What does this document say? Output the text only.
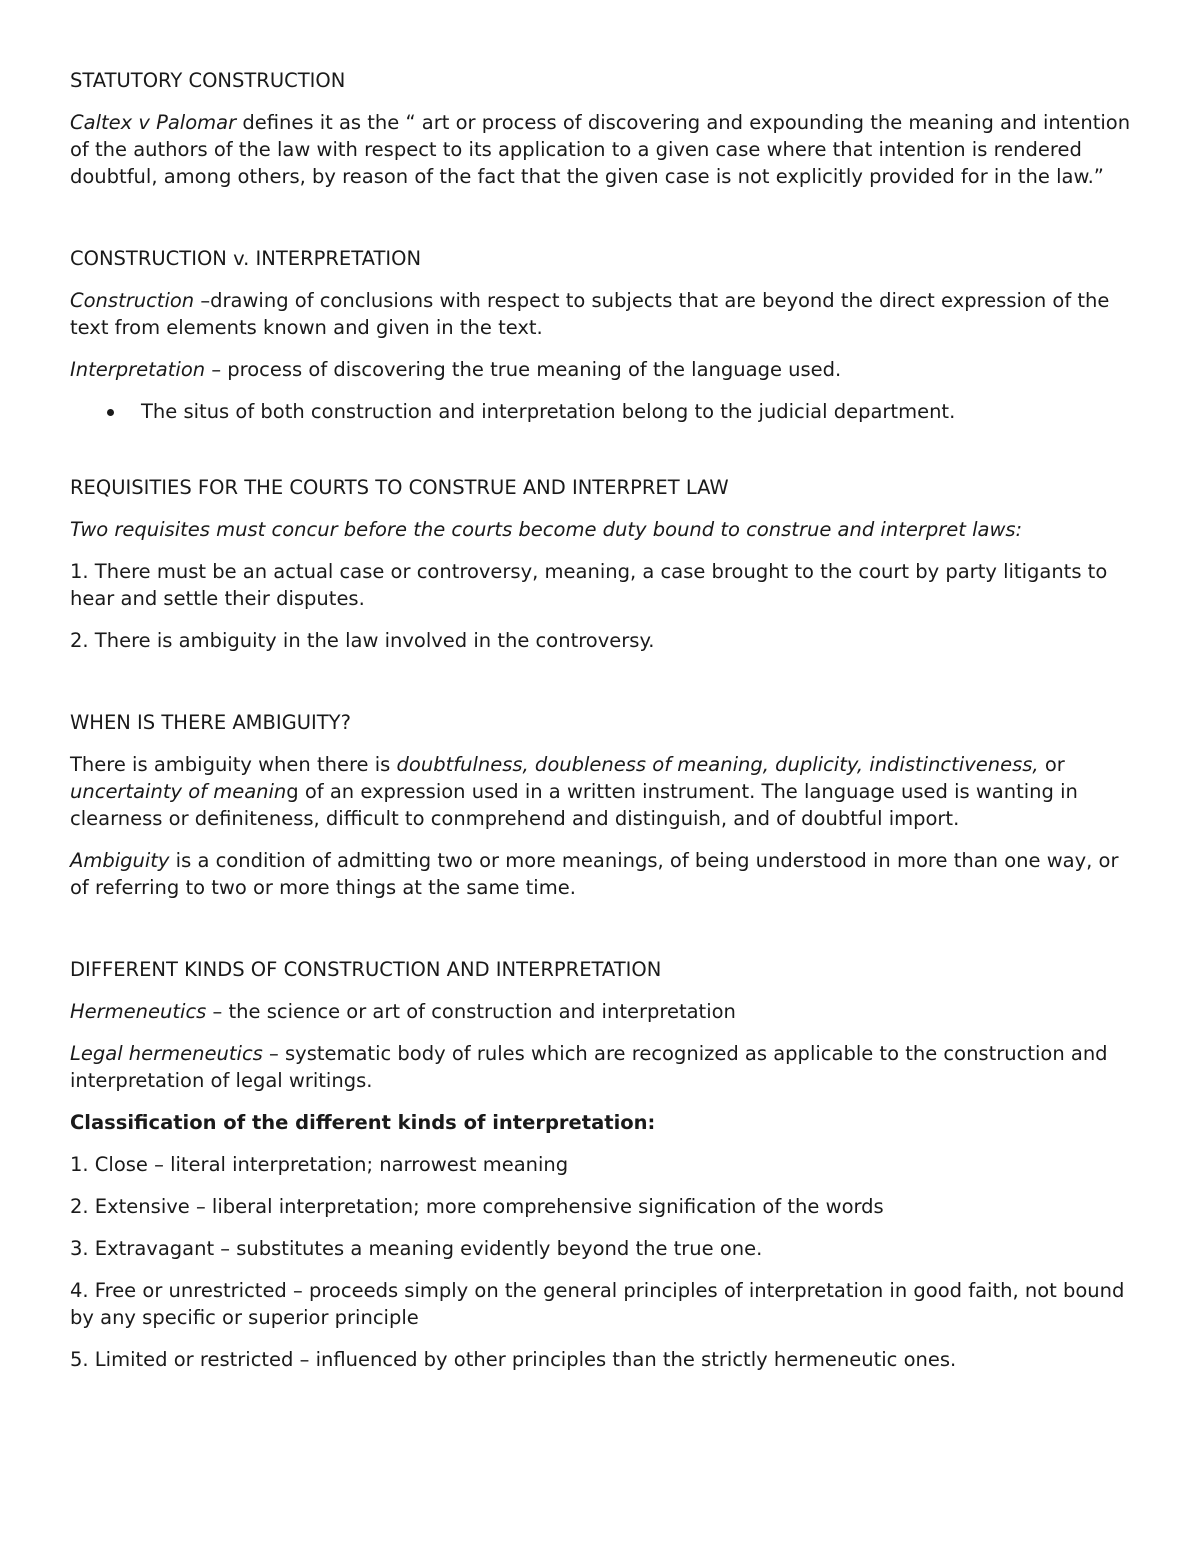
STATUTORY CONSTRUCTION

Caltex v Palomar defines it as the “ art or process of discovering and expounding the meaning and intention of the authors of the law with respect to its application to a given case where that intention is rendered doubtful, among others, by reason of the fact that the given case is not explicitly provided for in the law.”

CONSTRUCTION v. INTERPRETATION

Construction –drawing of conclusions with respect to subjects that are beyond the direct expression of the text from elements known and given in the text.

Interpretation – process of discovering the true meaning of the language used.

The situs of both construction and interpretation belong to the judicial department.
REQUISITIES FOR THE COURTS TO CONSTRUE AND INTERPRET LAW

Two requisites must concur before the courts become duty bound to construe and interpret laws:

1. There must be an actual case or controversy, meaning, a case brought to the court by party litigants to hear and settle their disputes.

2. There is ambiguity in the law involved in the controversy.

WHEN IS THERE AMBIGUITY?

There is ambiguity when there is doubtfulness, doubleness of meaning, duplicity, indistinctiveness, or uncertainty of meaning of an expression used in a written instrument. The language used is wanting in clearness or definiteness, difficult to conmprehend and distinguish, and of doubtful import.

Ambiguity is a condition of admitting two or more meanings, of being understood in more than one way, or of referring to two or more things at the same time.

DIFFERENT KINDS OF CONSTRUCTION AND INTERPRETATION

Hermeneutics – the science or art of construction and interpretation

Legal hermeneutics – systematic body of rules which are recognized as applicable to the construction and interpretation of legal writings.

Classification of the different kinds of interpretation:

1. Close – literal interpretation; narrowest meaning

2. Extensive – liberal interpretation; more comprehensive signification of the words

3. Extravagant – substitutes a meaning evidently beyond the true one.

4. Free or unrestricted – proceeds simply on the general principles of interpretation in good faith, not bound by any specific or superior principle

5. Limited or restricted – influenced by other principles than the strictly hermeneutic ones.
